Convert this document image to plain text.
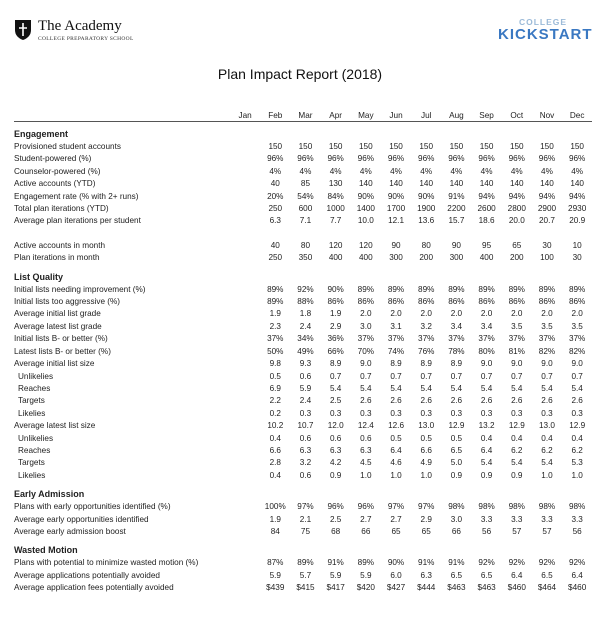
The Academy
COLLEGE PREPARATORY SCHOOL
COLLEGE
KICKSTART
Plan Impact Report (2018)
	Jan	Feb	Mar	Apr	May	Jun	Jul	Aug	Sep	Oct	Nov	Dec

Engagement												
Provisioned student accounts		150	150	150	150	150	150	150	150	150	150	150
Student-powered (%)		96%	96%	96%	96%	96%	96%	96%	96%	96%	96%	96%
Counselor-powered (%)		4%	4%	4%	4%	4%	4%	4%	4%	4%	4%	4%
Active accounts (YTD)		40	85	130	140	140	140	140	140	140	140	140
Engagement rate (% with 2+ runs)		20%	54%	84%	90%	90%	90%	91%	94%	94%	94%	94%
Total plan iterations (YTD)		250	600	1000	1400	1700	1900	2200	2600	2800	2900	2930
Average plan iterations per student		6.3	7.1	7.7	10.0	12.1	13.6	15.7	18.6	20.0	20.7	20.9

Active accounts in month		40	80	120	120	90	80	90	95	65	30	10
Plan iterations in month		250	350	400	400	300	200	300	400	200	100	30

List Quality												
Initial lists needing improvement (%)		89%	92%	90%	89%	89%	89%	89%	89%	89%	89%	89%
Initial lists too aggressive (%)		89%	88%	86%	86%	86%	86%	86%	86%	86%	86%	86%
Average initial list grade		1.9	1.8	1.9	2.0	2.0	2.0	2.0	2.0	2.0	2.0	2.0
Average latest list grade		2.3	2.4	2.9	3.0	3.1	3.2	3.4	3.4	3.5	3.5	3.5
Initial lists B- or better (%)		37%	34%	36%	37%	37%	37%	37%	37%	37%	37%	37%
Latest lists B- or better (%)		50%	49%	66%	70%	74%	76%	78%	80%	81%	82%	82%
Average initial list size		9.8	9.3	8.9	9.0	8.9	8.9	8.9	9.0	9.0	9.0	9.0
Unlikelies		0.5	0.6	0.7	0.7	0.7	0.7	0.7	0.7	0.7	0.7	0.7
Reaches		6.9	5.9	5.4	5.4	5.4	5.4	5.4	5.4	5.4	5.4	5.4
Targets		2.2	2.4	2.5	2.6	2.6	2.6	2.6	2.6	2.6	2.6	2.6
Likelies		0.2	0.3	0.3	0.3	0.3	0.3	0.3	0.3	0.3	0.3	0.3
Average latest list size		10.2	10.7	12.0	12.4	12.6	13.0	12.9	13.2	12.9	13.0	12.9
Unlikelies		0.4	0.6	0.6	0.6	0.5	0.5	0.5	0.4	0.4	0.4	0.4
Reaches		6.6	6.3	6.3	6.3	6.4	6.6	6.5	6.4	6.2	6.2	6.2
Targets		2.8	3.2	4.2	4.5	4.6	4.9	5.0	5.4	5.4	5.4	5.3
Likelies		0.4	0.6	0.9	1.0	1.0	1.0	0.9	0.9	0.9	1.0	1.0

Early Admission												
Plans with early opportunities identified (%)		100%	97%	96%	96%	97%	97%	98%	98%	98%	98%	98%
Average early opportunities identified		1.9	2.1	2.5	2.7	2.7	2.9	3.0	3.3	3.3	3.3	3.3
Average early admission boost		84	75	68	66	65	65	66	56	57	57	56

Wasted Motion												
Plans with potential to minimize wasted motion (%)		87%	89%	91%	89%	90%	91%	91%	92%	92%	92%	92%
Average applications potentially avoided		5.9	5.7	5.9	5.9	6.0	6.3	6.5	6.5	6.4	6.5	6.4
Average application fees potentially avoided		$439	$415	$417	$420	$427	$444	$463	$463	$460	$464	$460
